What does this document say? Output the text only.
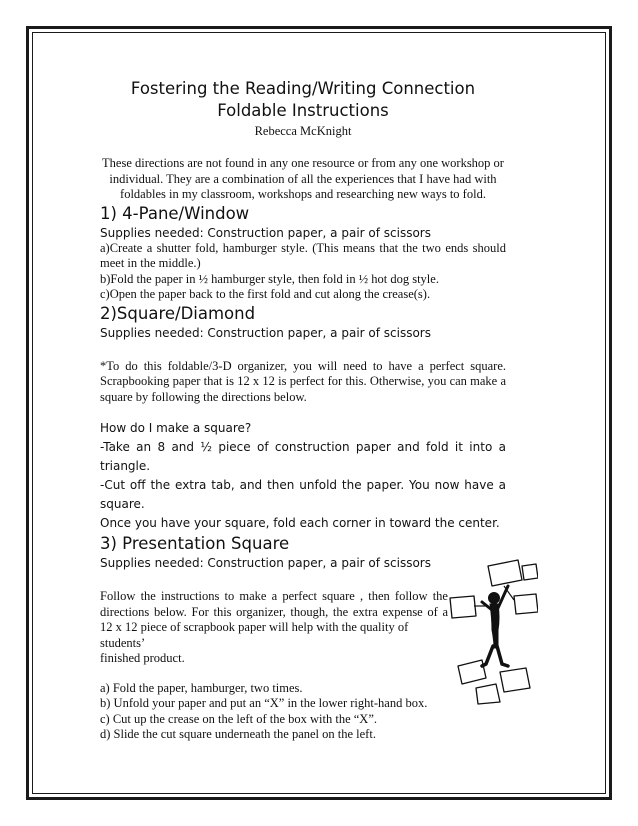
Fostering the Reading/Writing Connection
Foldable Instructions

Rebecca McKnight

These directions are not found in any one resource or from any one workshop or individual. They are a combination of all the experiences that I have had with foldables in my classroom, workshops and researching new ways to fold.

1) 4-Pane/Window

Supplies needed: Construction paper, a pair of scissors

a)Create a shutter fold, hamburger style. (This means that the two ends should meet in the middle.)

b)Fold the paper in ½ hamburger style, then fold in ½ hot dog style.

c)Open the paper back to the first fold and cut along the crease(s).

2)Square/Diamond

Supplies needed: Construction paper, a pair of scissors

*To do this foldable/3-D organizer, you will need to have a perfect square. Scrapbooking paper that is 12 x 12 is perfect for this. Otherwise, you can make a square by following the directions below.

How do I make a square?

-Take an 8 and ½ piece of construction paper and fold it into a triangle.

-Cut off the extra tab, and then unfold the paper. You now have a square.

Once you have your square, fold each corner in toward the center.

3) Presentation Square

Supplies needed: Construction paper, a pair of scissors

Follow the instructions to make a perfect square , then follow the

directions below. For this organizer, though, the extra expense of a

12 x 12 piece of scrapbook paper will help with the quality of students’

finished product.

a) Fold the paper, hamburger, two times.

b) Unfold your paper and put an “X” in the lower right-hand box.

c) Cut up the crease on the left of the box with the “X”.

d) Slide the cut square underneath the panel on the left.
